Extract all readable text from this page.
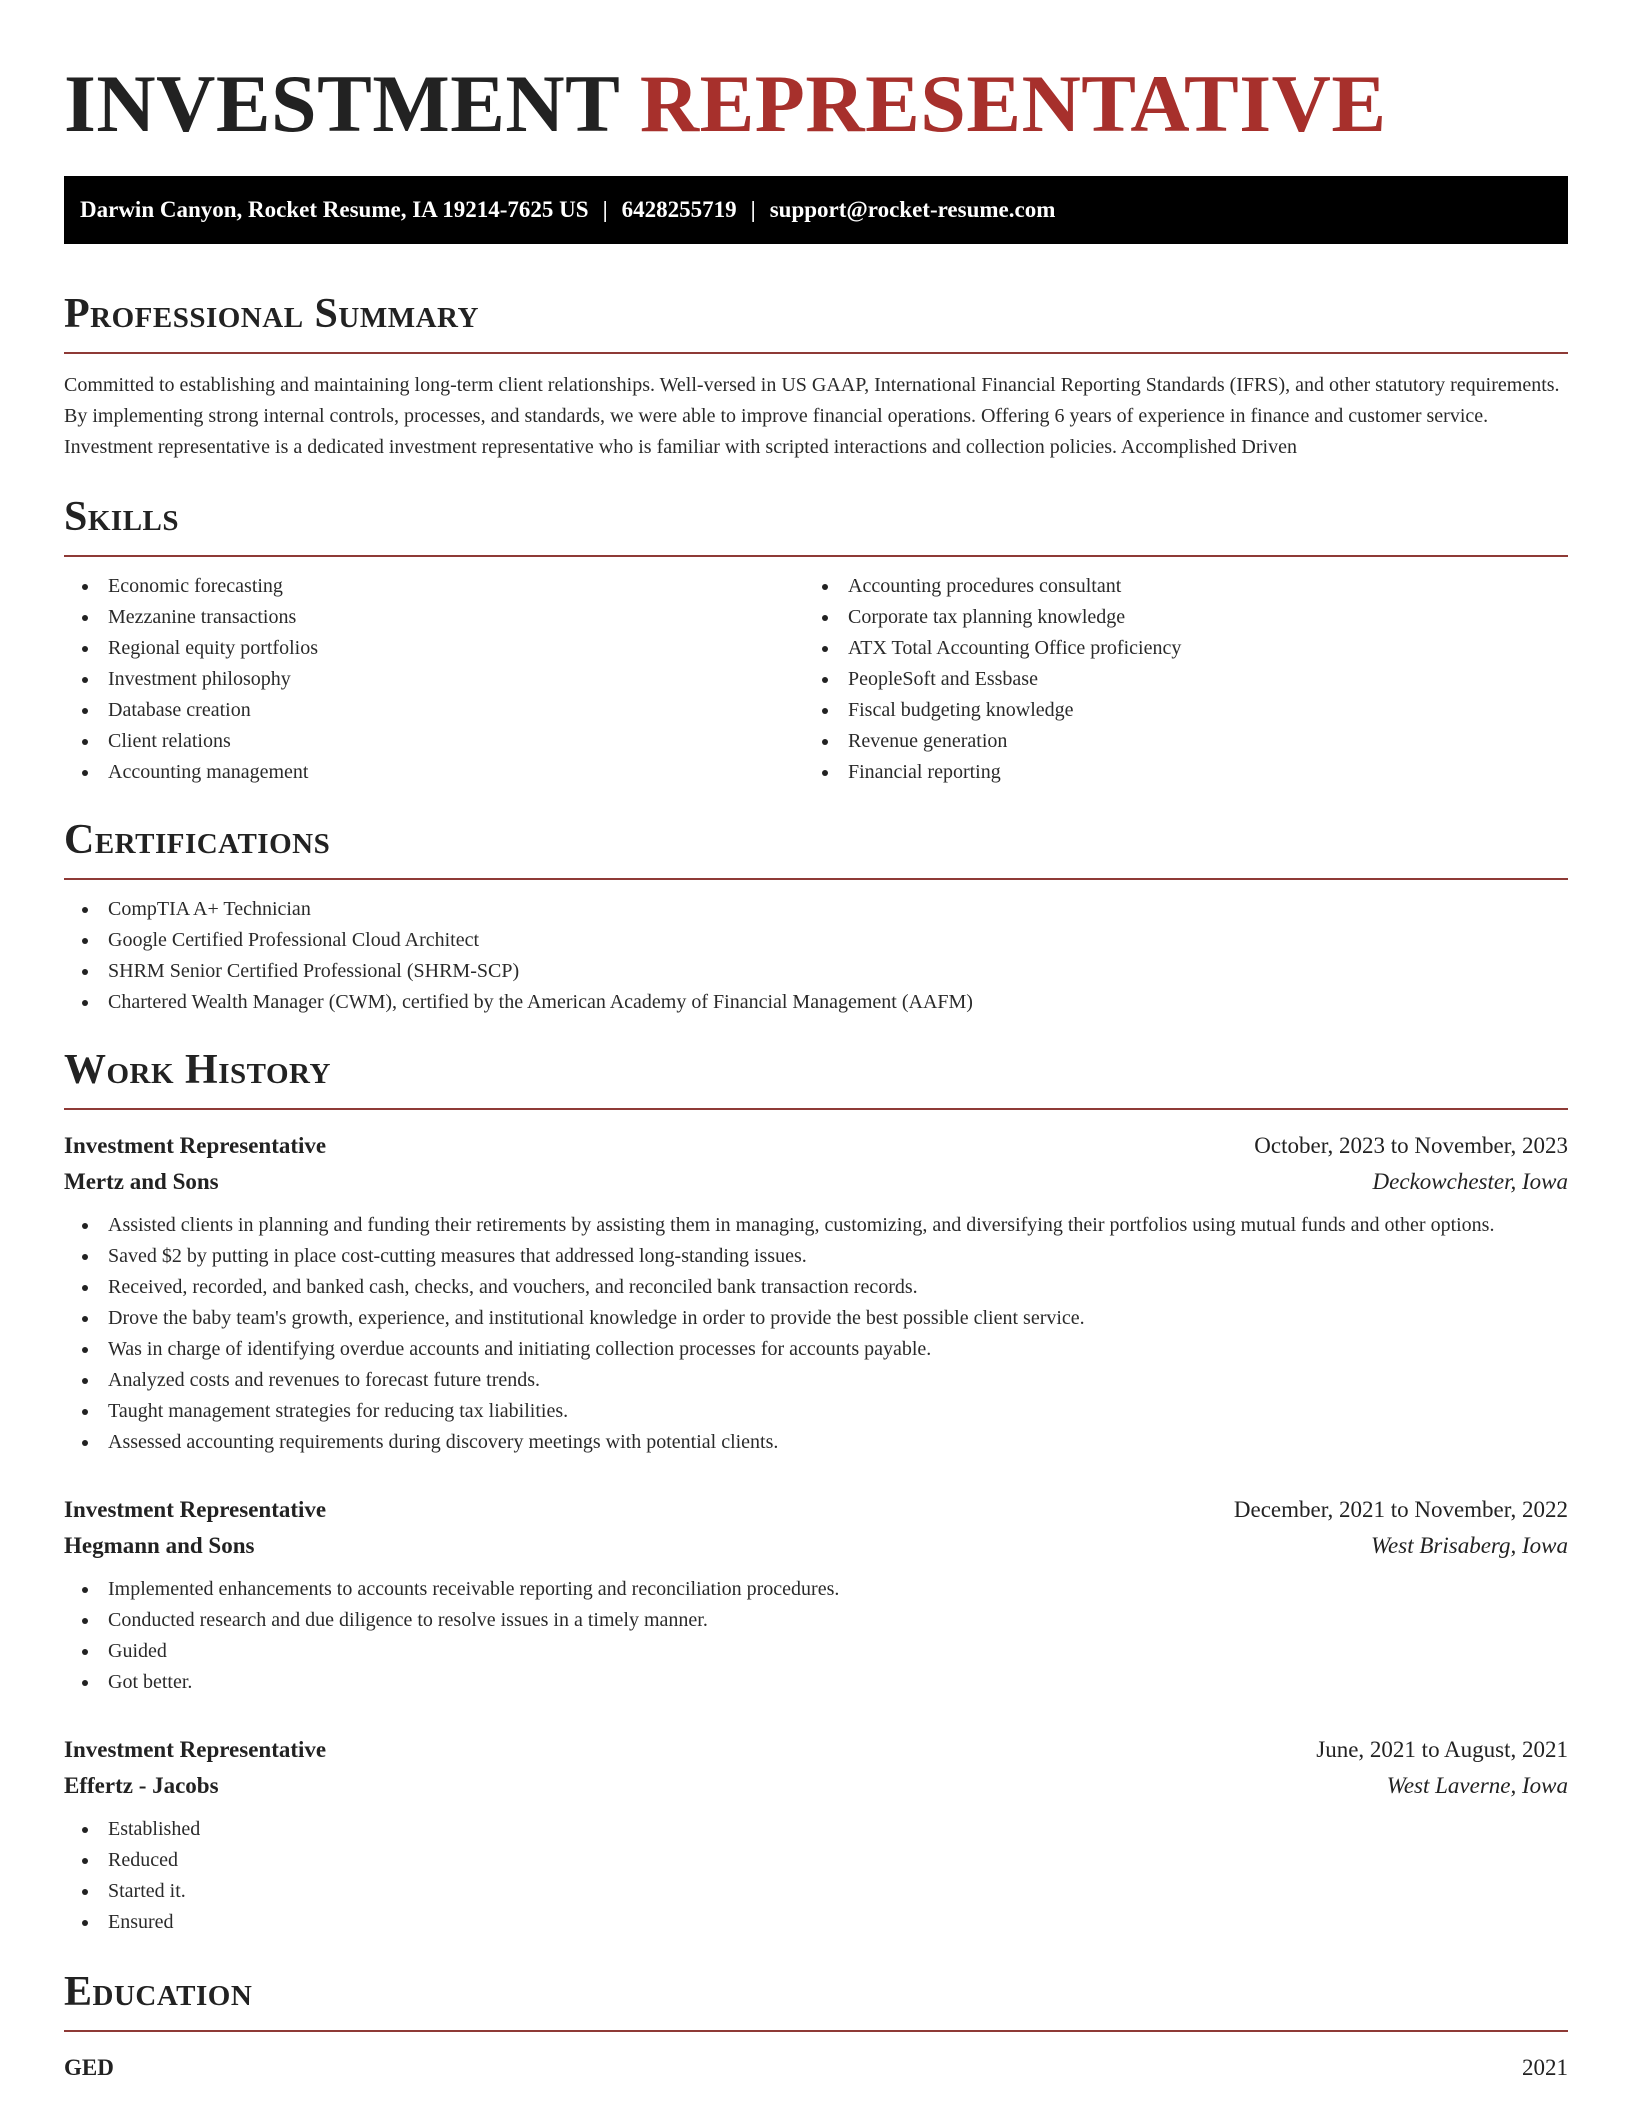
INVESTMENT REPRESENTATIVE
Darwin Canyon, Rocket Resume, IA 19214-7625 US | 6428255719 | support@rocket-resume.com
Professional Summary

Committed to establishing and maintaining long-term client relationships. Well-versed in US GAAP, International Financial Reporting Standards (IFRS), and other statutory requirements. By implementing strong internal controls, processes, and standards, we were able to improve financial operations. Offering 6 years of experience in finance and customer service. Investment representative is a dedicated investment representative who is familiar with scripted interactions and collection policies. Accomplished Driven

Skills
Economic forecasting
Mezzanine transactions
Regional equity portfolios
Investment philosophy
Database creation
Client relations
Accounting management
Accounting procedures consultant
Corporate tax planning knowledge
ATX Total Accounting Office proficiency
PeopleSoft and Essbase
Fiscal budgeting knowledge
Revenue generation
Financial reporting
Certifications
CompTIA A+ Technician
Google Certified Professional Cloud Architect
SHRM Senior Certified Professional (SHRM-SCP)
Chartered Wealth Manager (CWM), certified by the American Academy of Financial Management (AAFM)
Work History
Investment Representative	October, 2023 to November, 2023
Mertz and Sons	Deckowchester, Iowa
Assisted clients in planning and funding their retirements by assisting them in managing, customizing, and diversifying their portfolios using mutual funds and other options.
Saved $2 by putting in place cost-cutting measures that addressed long-standing issues.
Received, recorded, and banked cash, checks, and vouchers, and reconciled bank transaction records.
Drove the baby team's growth, experience, and institutional knowledge in order to provide the best possible client service.
Was in charge of identifying overdue accounts and initiating collection processes for accounts payable.
Analyzed costs and revenues to forecast future trends.
Taught management strategies for reducing tax liabilities.
Assessed accounting requirements during discovery meetings with potential clients.
Investment Representative	December, 2021 to November, 2022
Hegmann and Sons	West Brisaberg, Iowa
Implemented enhancements to accounts receivable reporting and reconciliation procedures.
Conducted research and due diligence to resolve issues in a timely manner.
Guided
Got better.
Investment Representative	June, 2021 to August, 2021
Effertz - Jacobs	West Laverne, Iowa
Established
Reduced
Started it.
Ensured
Education
GED	2021
